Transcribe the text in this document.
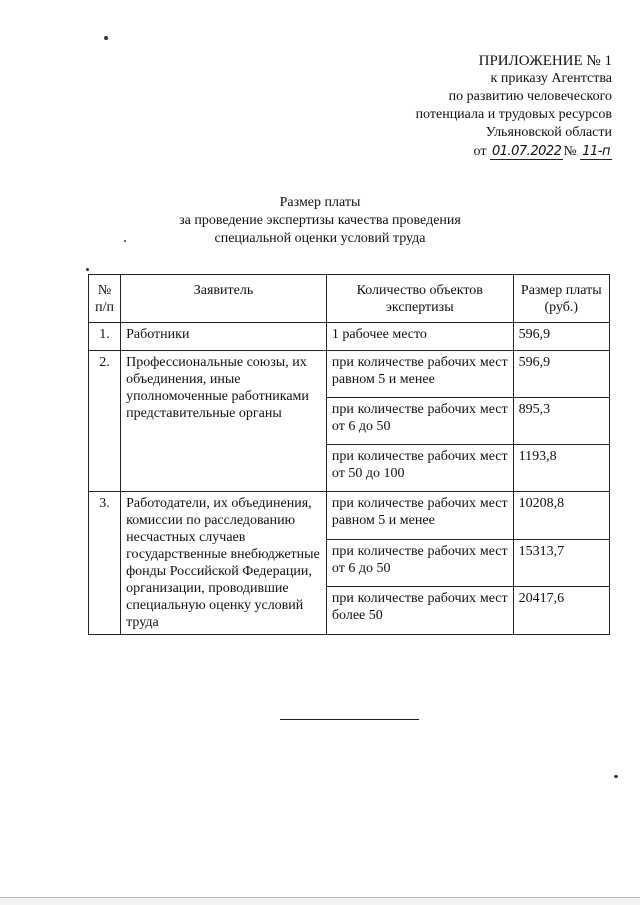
ПРИЛОЖЕНИЕ № 1
к приказу Агентства
по развитию человеческого
потенциала и трудовых ресурсов
Ульяновской области
от 01.07.2022 № 11-п
Размер платы
за проведение экспертизы качества проведения
специальной оценки условий труда
№ п/п	Заявитель	Количество объектов экспертизы	Размер платы (руб.)
1.	Работники	1 рабочее место	596,9
2.	Профессиональные союзы, их объединения, иные уполномоченные работниками представительные органы	при количестве рабочих мест равном 5 и менее	596,9
		при количестве рабочих мест от 6 до 50	895,3
		при количестве рабочих мест от 50 до 100	1193,8
3.	Работодатели, их объединения, комиссии по расследованию несчастных случаев государственные внебюджетные фонды Российской Федерации, организации, проводившие специальную оценку условий труда	при количестве рабочих мест равном 5 и менее	10208,8
		при количестве рабочих мест от 6 до 50	15313,7
		при количестве рабочих мест более 50	20417,6
